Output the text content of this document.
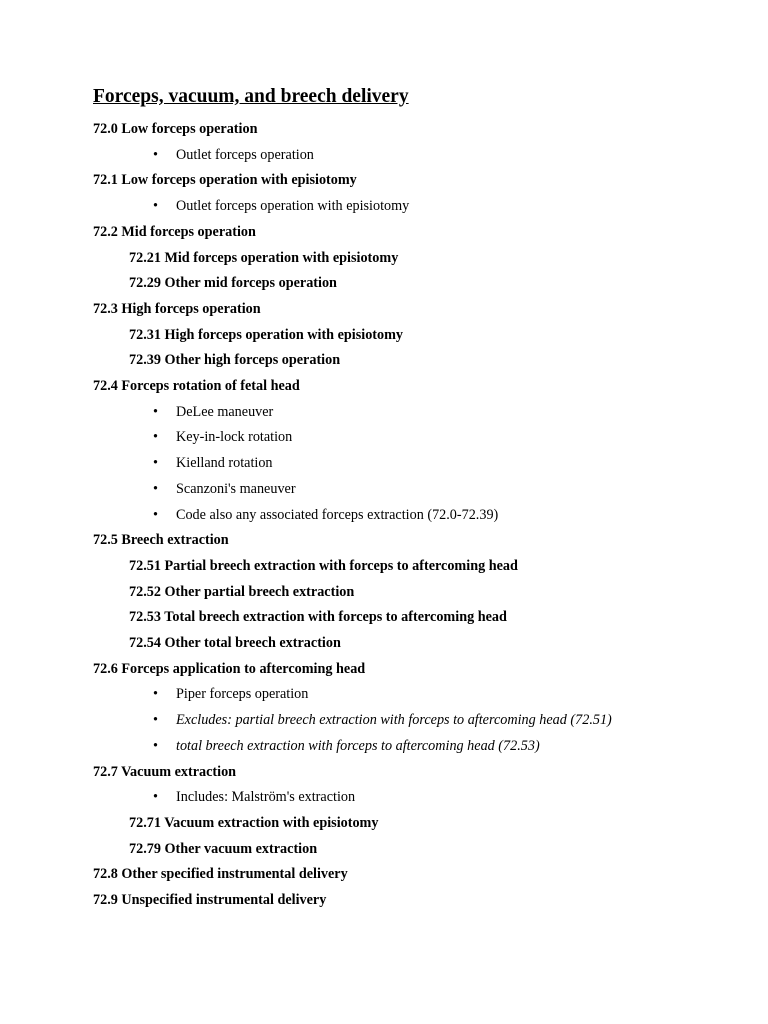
Forceps, vacuum, and breech delivery
72.0 Low forceps operation
• Outlet forceps operation
72.1 Low forceps operation with episiotomy
• Outlet forceps operation with episiotomy
72.2 Mid forceps operation
72.21 Mid forceps operation with episiotomy
72.29 Other mid forceps operation
72.3 High forceps operation
72.31 High forceps operation with episiotomy
72.39 Other high forceps operation
72.4 Forceps rotation of fetal head
• DeLee maneuver
• Key-in-lock rotation
• Kielland rotation
• Scanzoni's maneuver
• Code also any associated forceps extraction (72.0-72.39)
72.5 Breech extraction
72.51 Partial breech extraction with forceps to aftercoming head
72.52 Other partial breech extraction
72.53 Total breech extraction with forceps to aftercoming head
72.54 Other total breech extraction
72.6 Forceps application to aftercoming head
• Piper forceps operation
• Excludes: partial breech extraction with forceps to aftercoming head (72.51)
• total breech extraction with forceps to aftercoming head (72.53)
72.7 Vacuum extraction
• Includes: Malström's extraction
72.71 Vacuum extraction with episiotomy
72.79 Other vacuum extraction
72.8 Other specified instrumental delivery
72.9 Unspecified instrumental delivery
